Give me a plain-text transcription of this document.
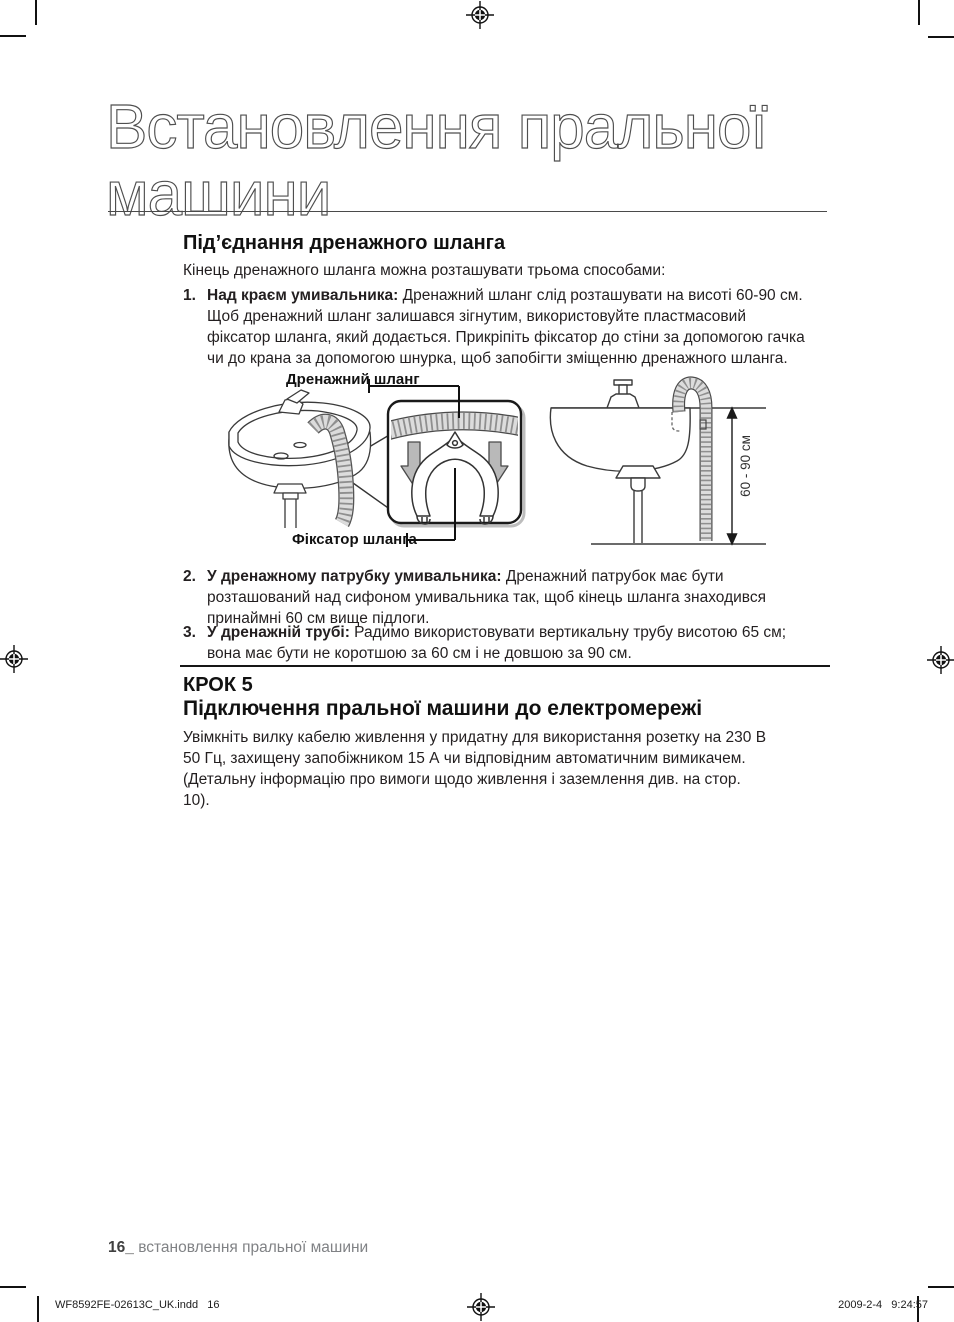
Встановлення пральної машини
Під’єднання дренажного шланга
Кінець дренажного шланга можна розташувати трьома способами:
1. Над краєм умивальника: Дренажний шланг слід розташувати на висоті 60-90 см. Щоб дренажний шланг залишався зігнутим, використовуйте пластмасовий фіксатор шланга, який додається. Прикріпіть фіксатор до стіни за допомогою гачка чи до крана за допомогою шнурка, щоб запобігти зміщенню дренажного шланга.
Дренажний шланг
Фіксатор шланга
60 - 90 см
2. У дренажному патрубку умивальника: Дренажний патрубок має бути розташований над сифоном умивальника так, щоб кінець шланга знаходився принаймні 60 см вище підлоги.
3. У дренажній трубі: Радимо використовувати вертикальну трубу висотою 65 см; вона має бути не коротшою за 60 см і не довшою за 90 см.
КРОК 5
Підключення пральної машини до електромережі
Увімкніть вилку кабелю живлення у придатну для використання розетку на 230 В 50 Гц, захищену запобіжником 15 А чи відповідним автоматичним вимикачем. (Детальну інформацію про вимоги щодо живлення і заземлення див. на стор. 10).
16_ встановлення пральної машини
WF8592FE-02613C_UK.indd   16	2009-2-4   9:24:57
